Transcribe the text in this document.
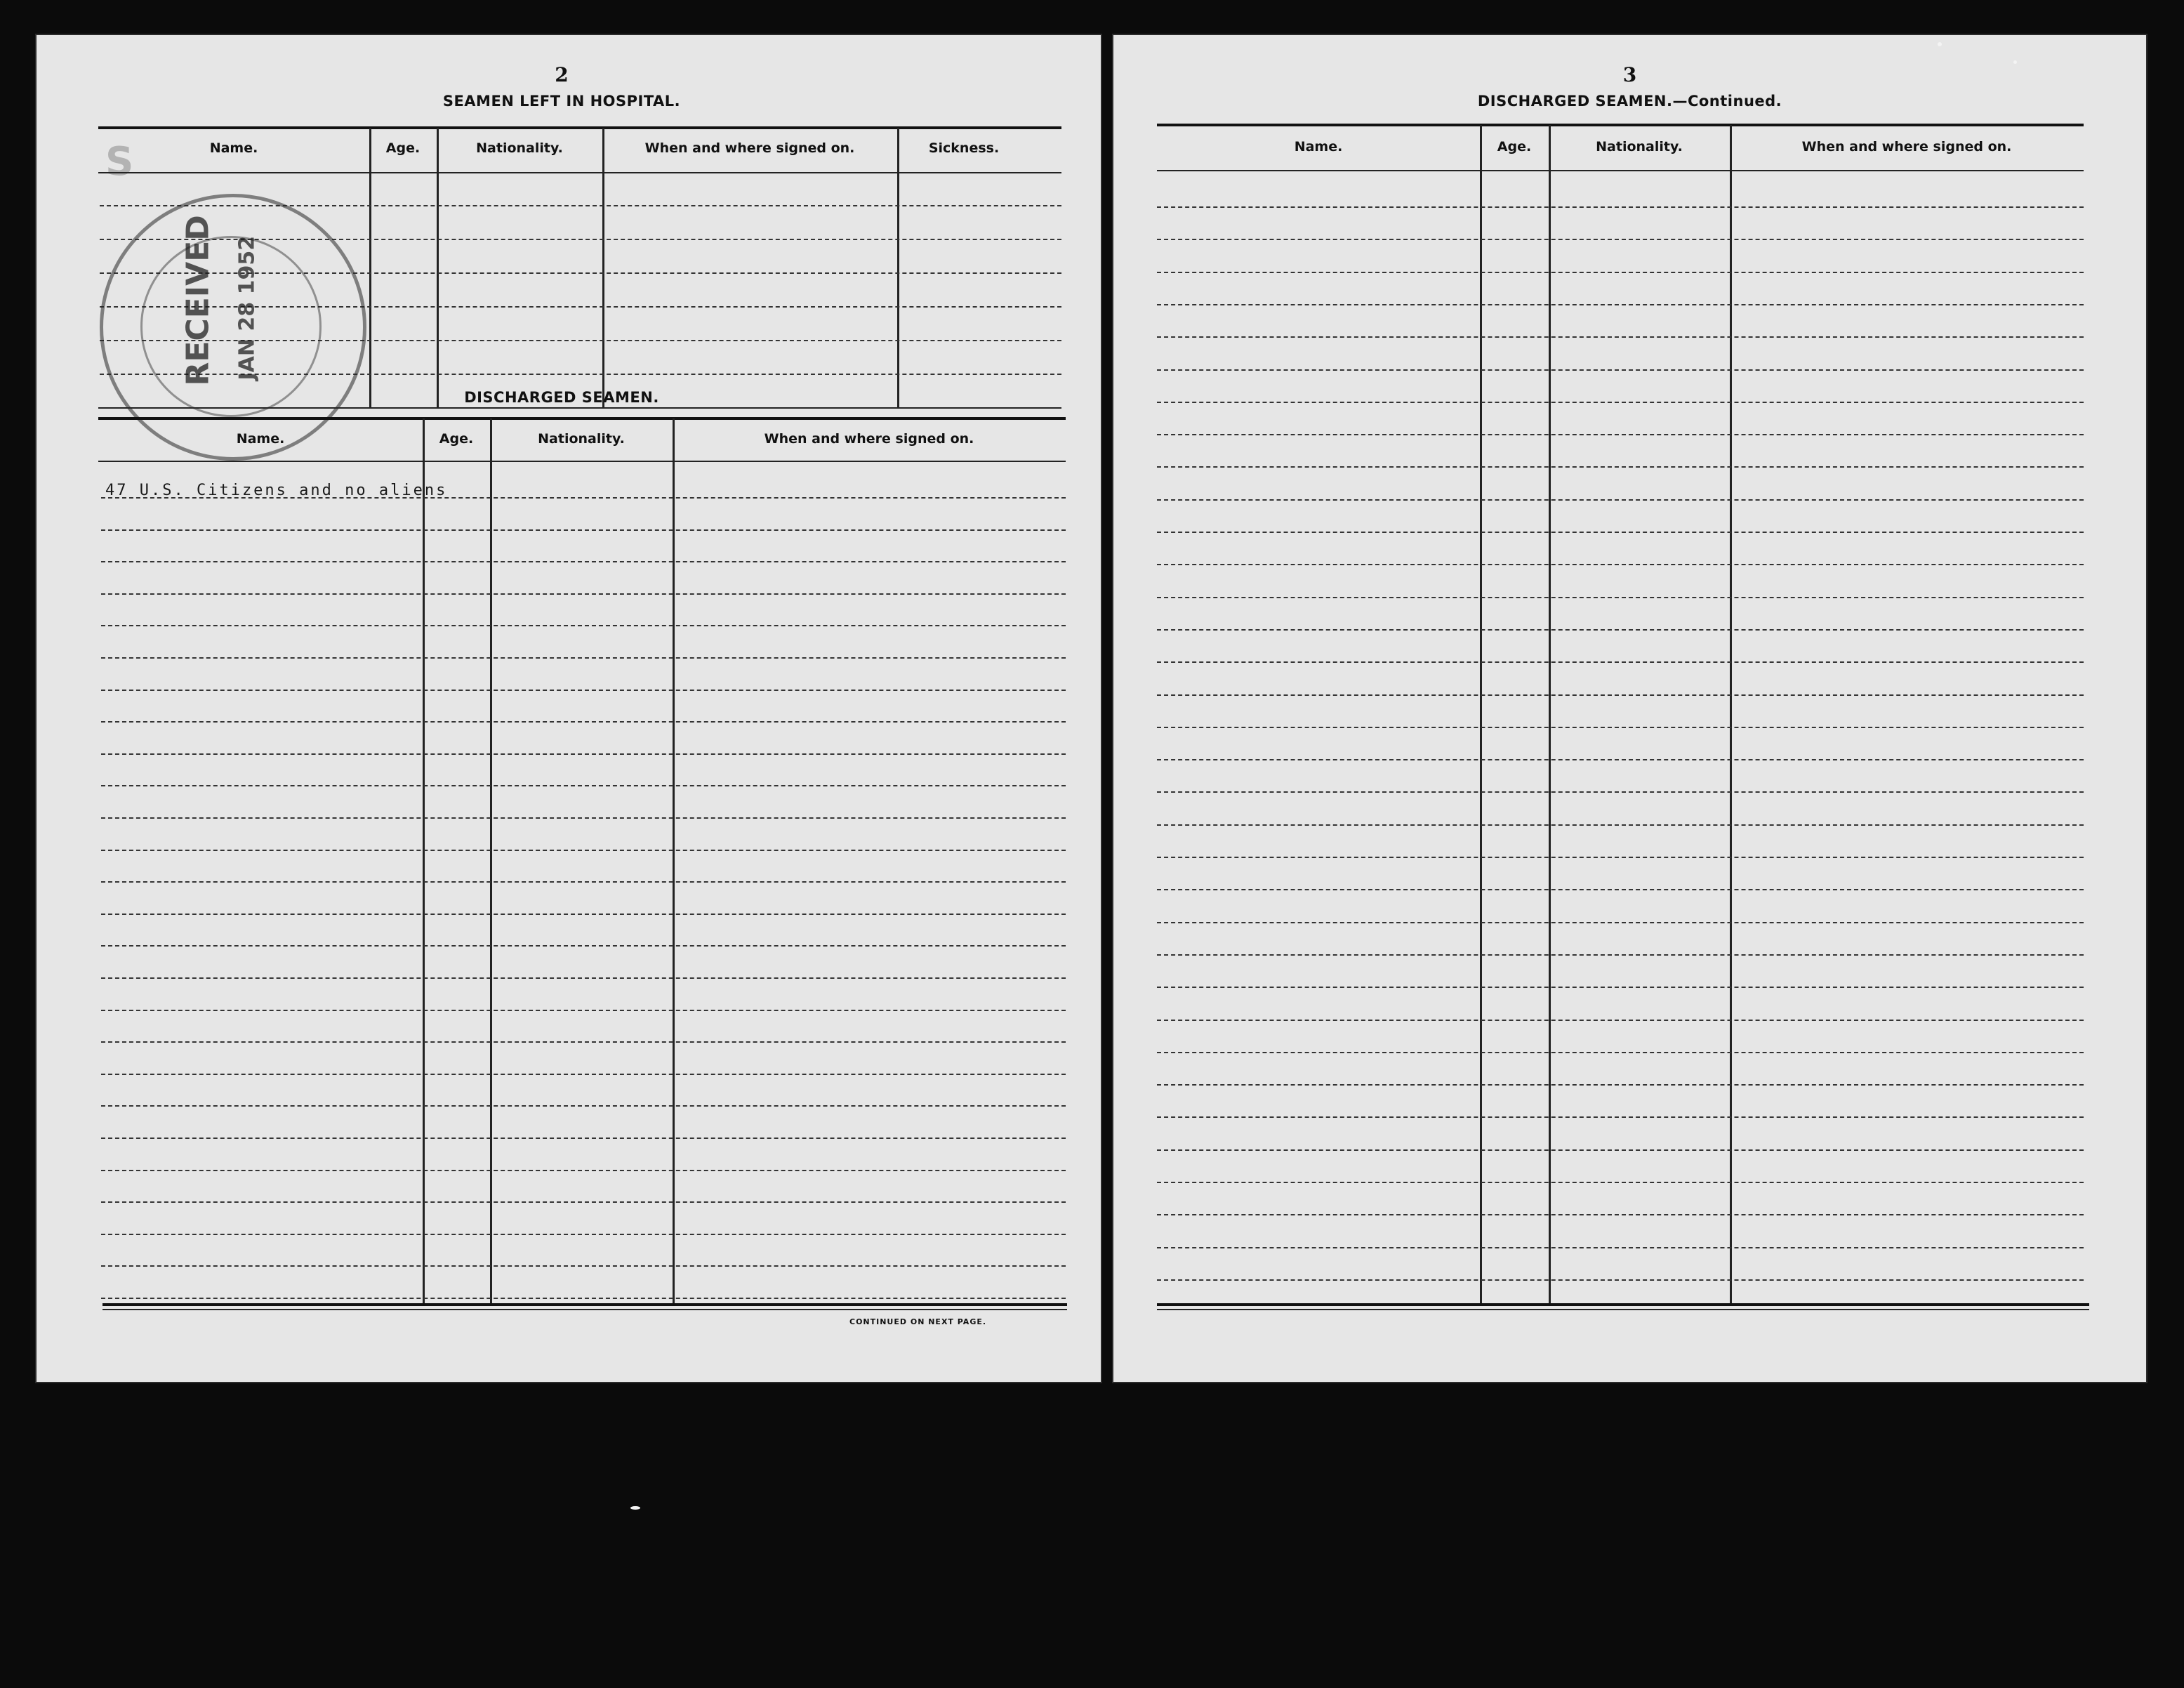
S
2
SEAMEN LEFT IN HOSPITAL.
Name.	Age.	Nationality.	When and where signed on.	Sickness.
RECEIVED JAN 28 1952
DISCHARGED SEAMEN.
Name.	Age.	Nationality.	When and where signed on.
47 U.S. Citizens and no aliens
CONTINUED ON NEXT PAGE.
3
DISCHARGED SEAMEN.—Continued.
Name.	Age.	Nationality.	When and where signed on.
